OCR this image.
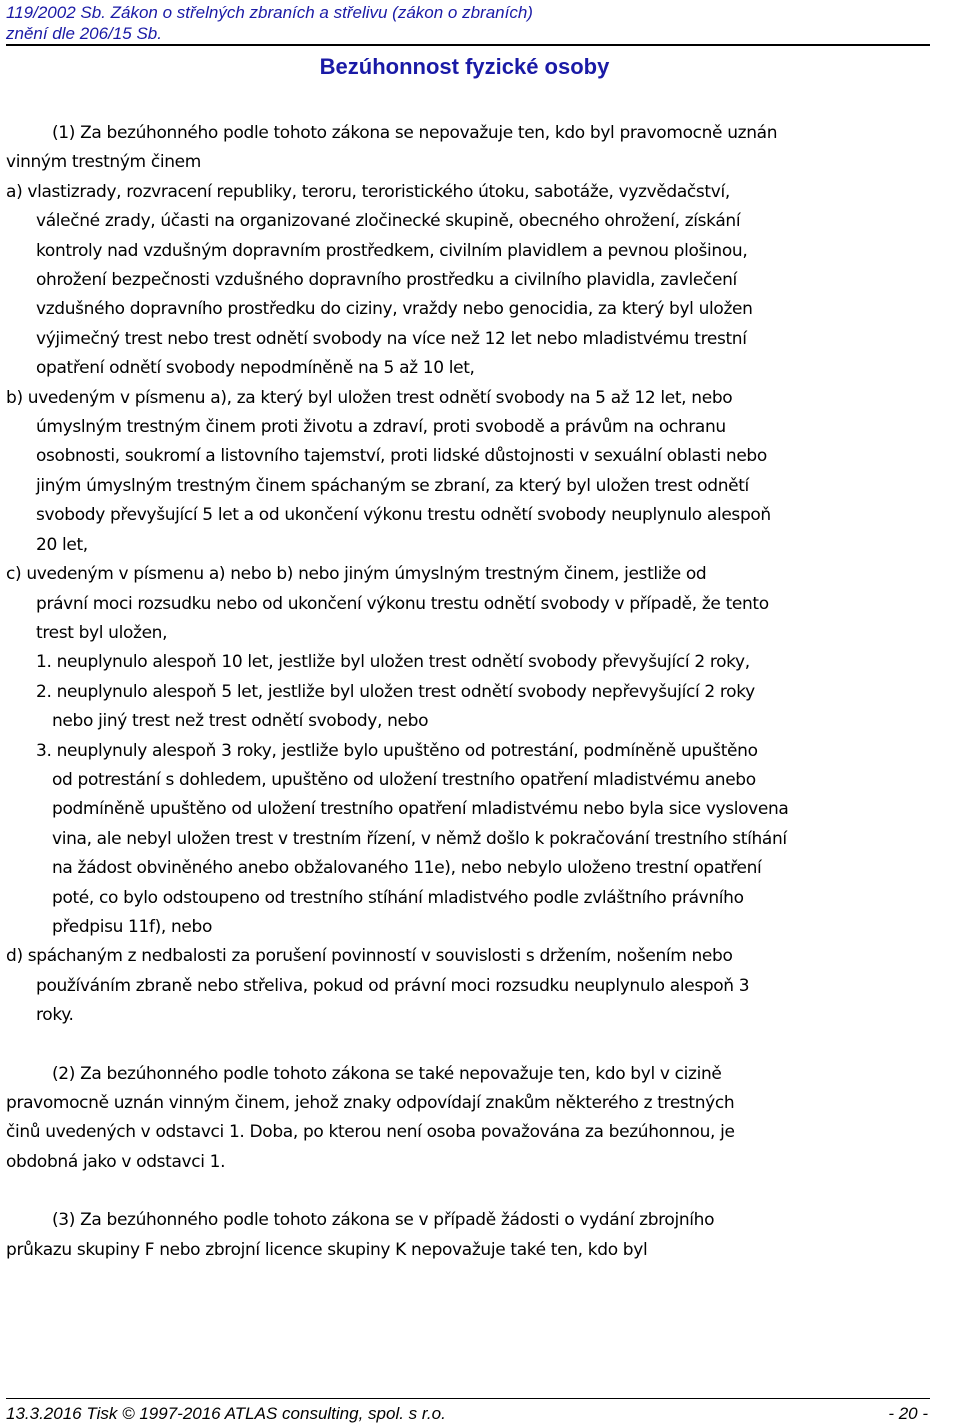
119/2002 Sb. Zákon o střelných zbraních a střelivu (zákon o zbraních)
znění dle 206/15 Sb.
Bezúhonnost fyzické osoby

(1) Za bezúhonného podle tohoto zákona se nepovažuje ten, kdo byl pravomocně uznán

vinným trestným činem

a) vlastizrady, rozvracení republiky, teroru, teroristického útoku, sabotáže, vyzvědačství,

válečné zrady, účasti na organizované zločinecké skupině, obecného ohrožení, získání

kontroly nad vzdušným dopravním prostředkem, civilním plavidlem a pevnou plošinou,

ohrožení bezpečnosti vzdušného dopravního prostředku a civilního plavidla, zavlečení

vzdušného dopravního prostředku do ciziny, vraždy nebo genocidia, za který byl uložen

výjimečný trest nebo trest odnětí svobody na více než 12 let nebo mladistvému trestní

opatření odnětí svobody nepodmíněně na 5 až 10 let,

b) uvedeným v písmenu a), za který byl uložen trest odnětí svobody na 5 až 12 let, nebo

úmyslným trestným činem proti životu a zdraví, proti svobodě a právům na ochranu

osobnosti, soukromí a listovního tajemství, proti lidské důstojnosti v sexuální oblasti nebo

jiným úmyslným trestným činem spáchaným se zbraní, za který byl uložen trest odnětí

svobody převyšující 5 let a od ukončení výkonu trestu odnětí svobody neuplynulo alespoň

20 let,

c) uvedeným v písmenu a) nebo b) nebo jiným úmyslným trestným činem, jestliže od

právní moci rozsudku nebo od ukončení výkonu trestu odnětí svobody v případě, že tento

trest byl uložen,

1. neuplynulo alespoň 10 let, jestliže byl uložen trest odnětí svobody převyšující 2 roky,

2. neuplynulo alespoň 5 let, jestliže byl uložen trest odnětí svobody nepřevyšující 2 roky

nebo jiný trest než trest odnětí svobody, nebo

3. neuplynuly alespoň 3 roky, jestliže bylo upuštěno od potrestání, podmíněně upuštěno

od potrestání s dohledem, upuštěno od uložení trestního opatření mladistvému anebo

podmíněně upuštěno od uložení trestního opatření mladistvému nebo byla sice vyslovena

vina, ale nebyl uložen trest v trestním řízení, v němž došlo k pokračování trestního stíhání

na žádost obviněného anebo obžalovaného 11e), nebo nebylo uloženo trestní opatření

poté, co bylo odstoupeno od trestního stíhání mladistvého podle zvláštního právního

předpisu 11f), nebo

d) spáchaným z nedbalosti za porušení povinností v souvislosti s držením, nošením nebo

používáním zbraně nebo střeliva, pokud od právní moci rozsudku neuplynulo alespoň 3

roky.

(2) Za bezúhonného podle tohoto zákona se také nepovažuje ten, kdo byl v cizině

pravomocně uznán vinným činem, jehož znaky odpovídají znakům některého z trestných

činů uvedených v odstavci 1. Doba, po kterou není osoba považována za bezúhonnou, je

obdobná jako v odstavci 1.

(3) Za bezúhonného podle tohoto zákona se v případě žádosti o vydání zbrojního

průkazu skupiny F nebo zbrojní licence skupiny K nepovažuje také ten, kdo byl

13.3.2016 Tisk © 1997-2016 ATLAS consulting, spol. s r.o.	- 20 -
